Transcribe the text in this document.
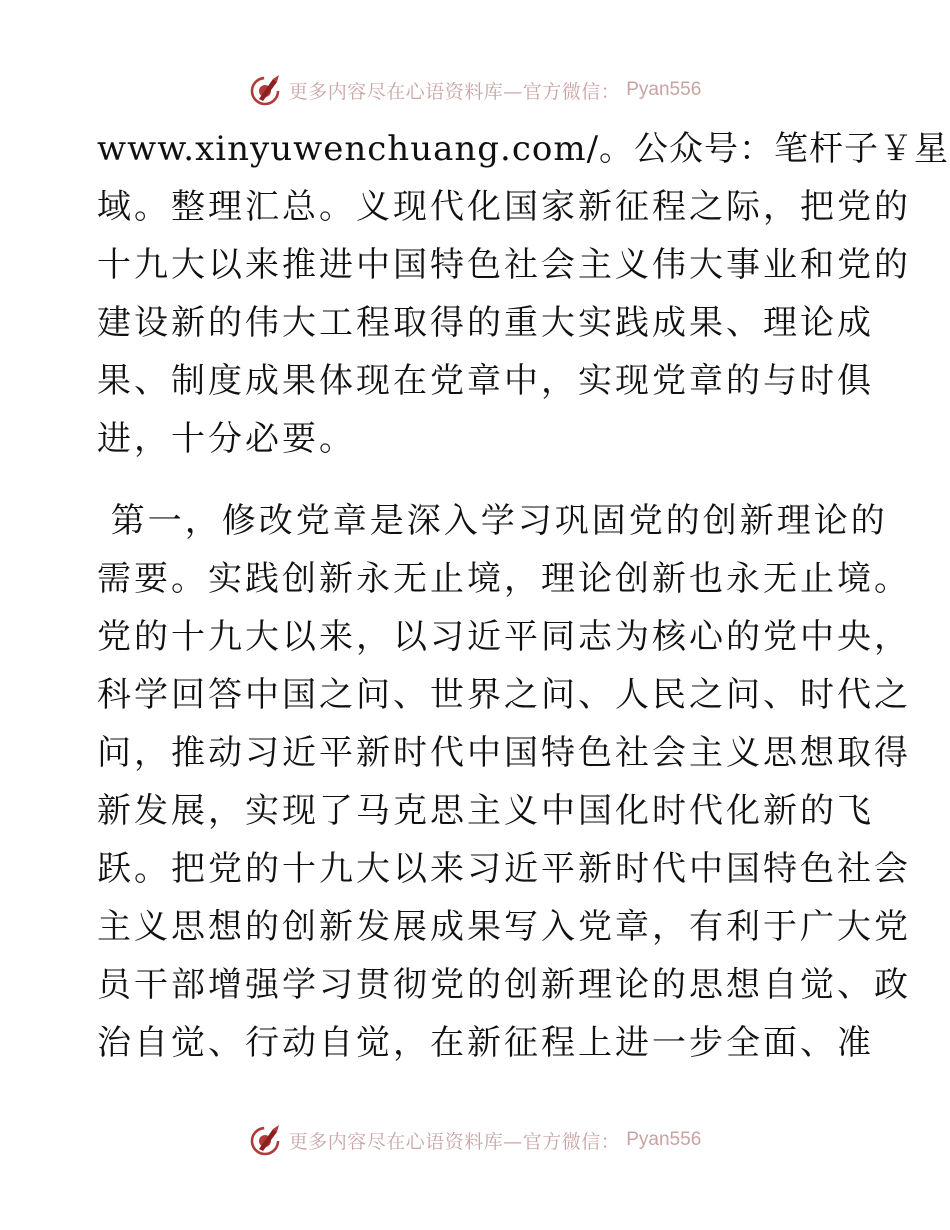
更多内容尽在心语资料库—官方微信： Pyan556
www.xinyuwenchuang.com/。公众号：笔杆子￥星
域。整理汇总。义现代化国家新征程之际，把党的
十九大以来推进中国特色社会主义伟大事业和党的
建设新的伟大工程取得的重大实践成果、理论成
果、制度成果体现在党章中，实现党章的与时俱
进，十分必要。
第一，修改党章是深入学习巩固党的创新理论的
需要。实践创新永无止境，理论创新也永无止境。
党的十九大以来，以习近平同志为核心的党中央，
科学回答中国之问、世界之问、人民之问、时代之
问，推动习近平新时代中国特色社会主义思想取得
新发展，实现了马克思主义中国化时代化新的飞
跃。把党的十九大以来习近平新时代中国特色社会
主义思想的创新发展成果写入党章，有利于广大党
员干部增强学习贯彻党的创新理论的思想自觉、政
治自觉、行动自觉，在新征程上进一步全面、准
更多内容尽在心语资料库—官方微信： Pyan556
